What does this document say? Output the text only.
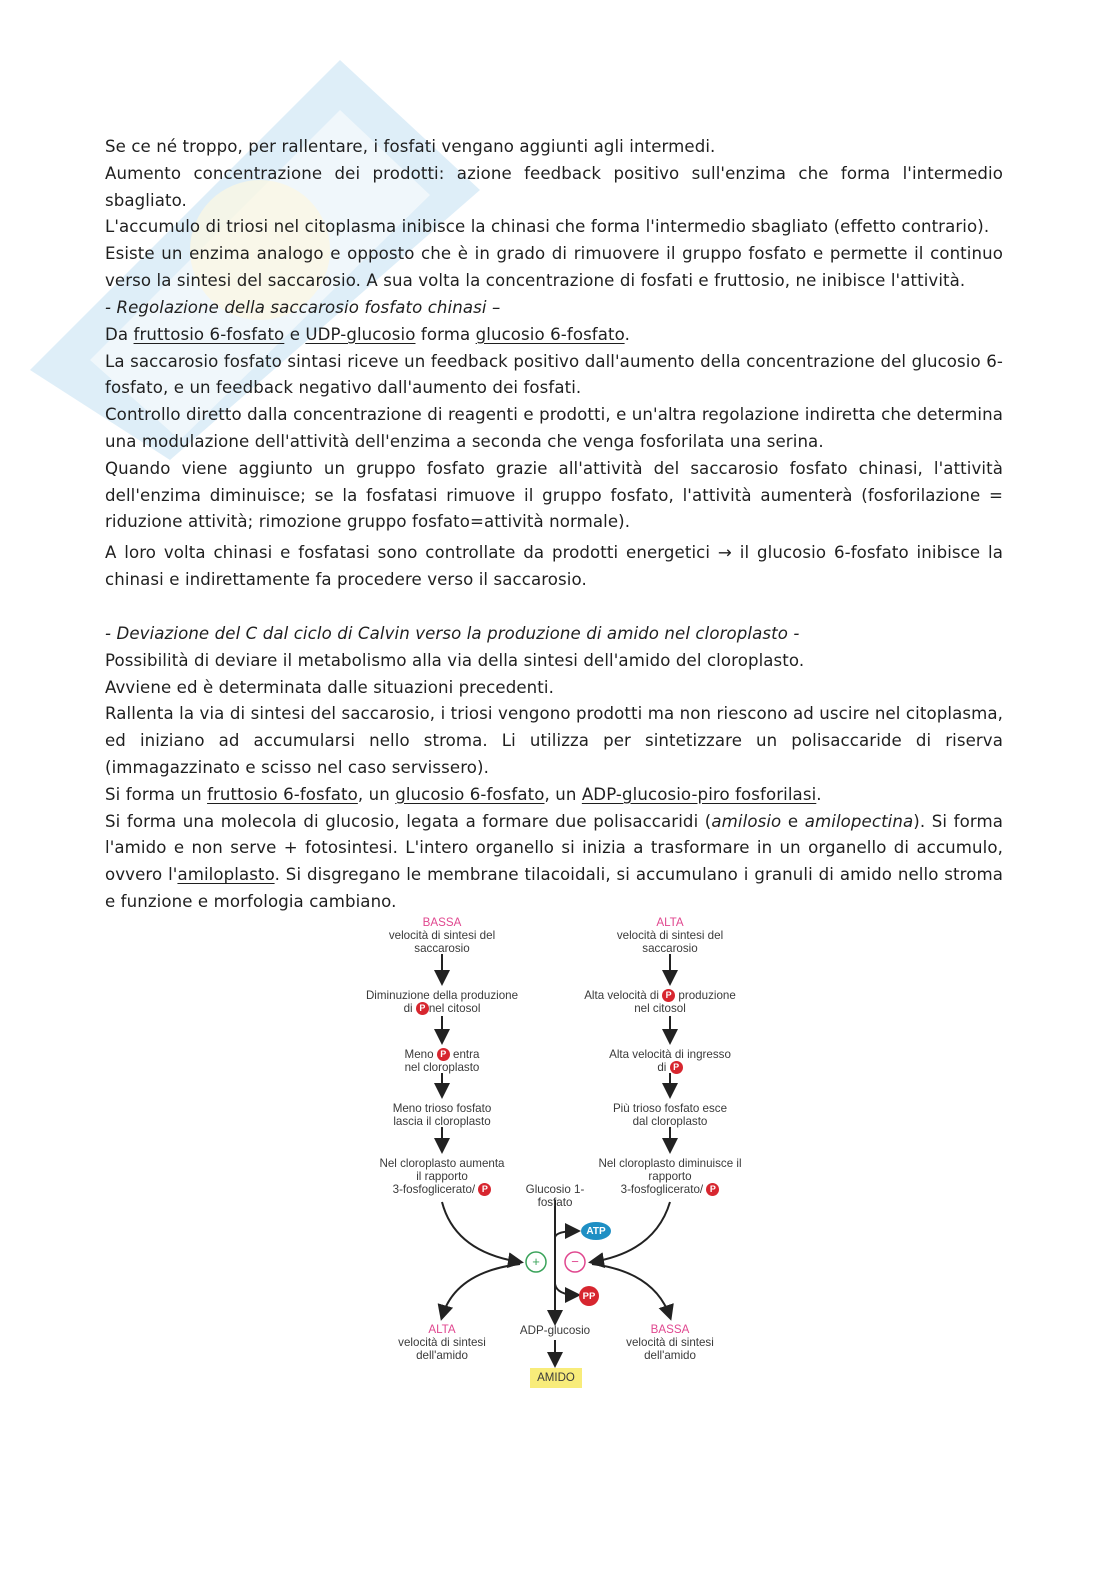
Se ce né troppo, per rallentare, i fosfati vengano aggiunti agli intermedi.

Aumento concentrazione dei prodotti: azione feedback positivo sull'enzima che forma l'intermedio sbagliato.

L'accumulo di triosi nel citoplasma inibisce la chinasi che forma l'intermedio sbagliato (effetto contrario).

Esiste un enzima analogo e opposto che è in grado di rimuovere il gruppo fosfato e permette il continuo verso la sintesi del saccarosio. A sua volta la concentrazione di fosfati e fruttosio, ne inibisce l'attività.

- Regolazione della saccarosio fosfato chinasi –

Da fruttosio 6-fosfato e UDP-glucosio forma glucosio 6-fosfato.

La saccarosio fosfato sintasi riceve un feedback positivo dall'aumento della concentrazione del glucosio 6-fosfato, e un feedback negativo dall'aumento dei fosfati.

Controllo diretto dalla concentrazione di reagenti e prodotti, e un'altra regolazione indiretta che determina una modulazione dell'attività dell'enzima a seconda che venga fosforilata una serina.

Quando viene aggiunto un gruppo fosfato grazie all'attività del saccarosio fosfato chinasi, l'attività dell'enzima diminuisce; se la fosfatasi rimuove il gruppo fosfato, l'attività aumenterà (fosforilazione = riduzione attività; rimozione gruppo fosfato=attività normale).

A loro volta chinasi e fosfatasi sono controllate da prodotti energetici → il glucosio 6-fosfato inibisce la chinasi e indirettamente fa procedere verso il saccarosio.

- Deviazione del C dal ciclo di Calvin verso la produzione di amido nel cloroplasto -

Possibilità di deviare il metabolismo alla via della sintesi dell'amido del cloroplasto.

Avviene ed è determinata dalle situazioni precedenti.

Rallenta la via di sintesi del saccarosio, i triosi vengono prodotti ma non riescono ad uscire nel citoplasma, ed iniziano ad accumularsi nello stroma. Li utilizza per sintetizzare un polisaccaride di riserva (immagazzinato e scisso nel caso servissero).

Si forma un fruttosio 6-fosfato, un glucosio 6-fosfato, un ADP-glucosio-piro fosforilasi.

Si forma una molecola di glucosio, legata a formare due polisaccaridi (amilosio e amilopectina). Si forma l'amido e non serve + fotosintesi. L'intero organello si inizia a trasformare in un organello di accumulo, ovvero l'amiloplasto. Si disgregano le membrane tilacoidali, si accumulano i granuli di amido nello stroma e funzione e morfologia cambiano.

BASSA
velocità di sintesi del saccarosio
Diminuzione della produzione
di P nel citosol
Meno P entra
nel cloroplasto
Meno trioso fosfato lascia il cloroplasto
Nel cloroplasto aumenta il rapporto
3-fosfoglicerato/ P
ALTA
velocità di sintesi del saccarosio
Alta velocità di P produzione
nel citosol
Alta velocità di ingresso
di P
Più trioso fosfato esce dal cloroplasto
Nel cloroplasto diminuisce il rapporto
3-fosfoglicerato/ P
Glucosio 1-fosfato
ATP
PP
+ −
ALTA
velocità di sintesi dell'amido
ADP-glucosio	BASSA
velocità di sintesi dell'amido
AMIDO
